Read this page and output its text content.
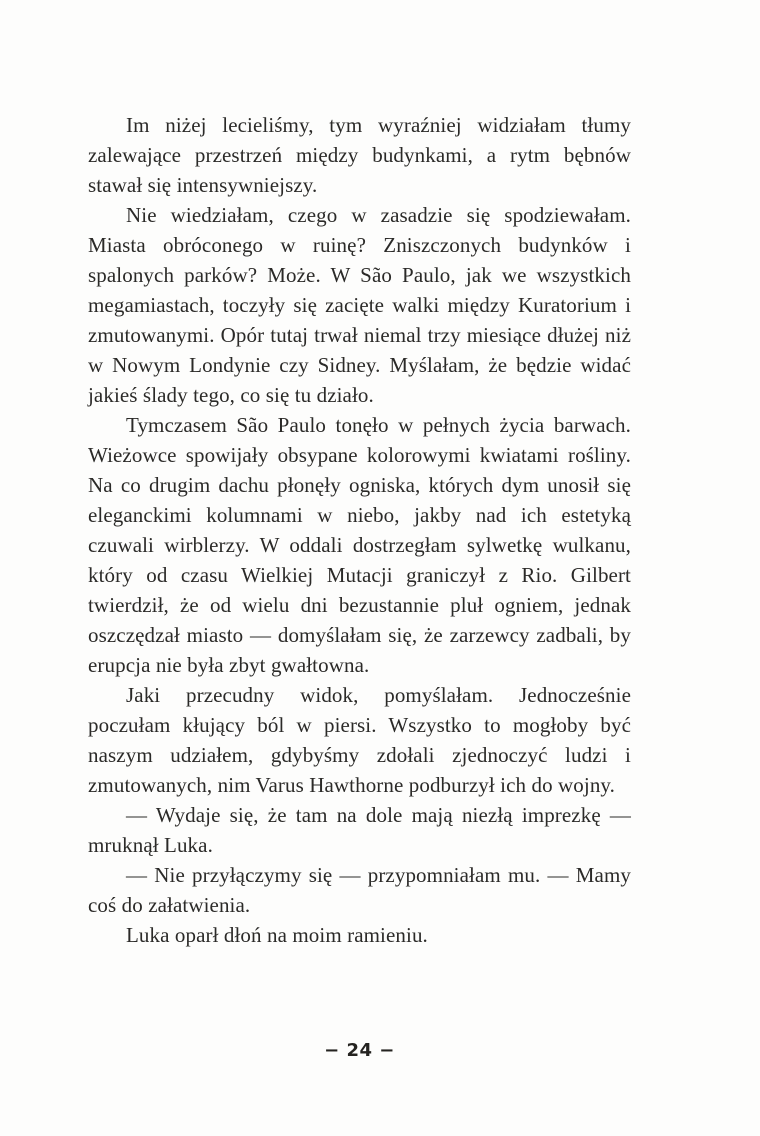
Im niżej lecieliśmy, tym wyraźniej widziałam tłumy zalewające przestrzeń między budynkami, a rytm bębnów stawał się intensywniejszy.

Nie wiedziałam, czego w zasadzie się spodziewałam. Miasta obróconego w ruinę? Zniszczonych budynków i spalonych parków? Może. W São Paulo, jak we wszystkich megamiastach, toczyły się zacięte walki między Kuratorium i zmutowanymi. Opór tutaj trwał niemal trzy miesiące dłużej niż w Nowym Londynie czy Sidney. Myślałam, że będzie widać jakieś ślady tego, co się tu działo.

Tymczasem São Paulo tonęło w pełnych życia barwach. Wieżowce spowijały obsypane kolorowymi kwiatami rośliny. Na co drugim dachu płonęły ogniska, których dym unosił się eleganckimi kolumnami w niebo, jakby nad ich estetyką czuwali wirblerzy. W oddali dostrzegłam sylwetkę wulkanu, który od czasu Wielkiej Mutacji graniczył z Rio. Gilbert twierdził, że od wielu dni bezustannie pluł ogniem, jednak oszczędzał miasto — domyślałam się, że zarzewcy zadbali, by erupcja nie była zbyt gwałtowna.

Jaki przecudny widok, pomyślałam. Jednocześnie poczułam kłujący ból w piersi. Wszystko to mogłoby być naszym udziałem, gdybyśmy zdołali zjednoczyć ludzi i zmutowanych, nim Varus Hawthorne podburzył ich do wojny.

— Wydaje się, że tam na dole mają niezłą imprezkę — mruknął Luka.

— Nie przyłączymy się — przypomniałam mu. — Mamy coś do załatwienia.

Luka oparł dłoń na moim ramieniu.

− 24 −
